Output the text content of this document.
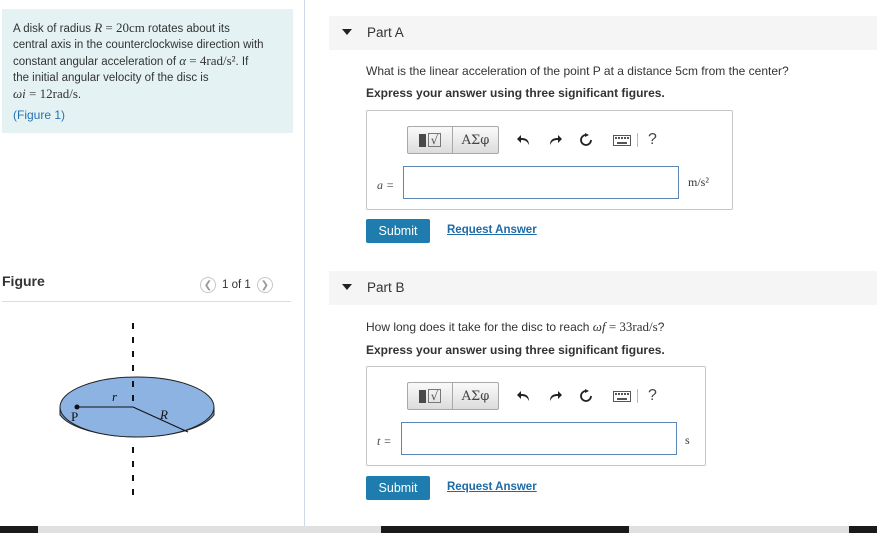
A disk of radius R = 20cm rotates about its
central axis in the counterclockwise direction with
constant angular acceleration of α = 4rad/s². If
the initial angular velocity of the disc is
ωi = 12rad/s.
(Figure 1)
Figure	❮ 1 of 1 ❯
P
r
R
Part A
What is the linear acceleration of the point P at a distance 5cm from the center?
Express your answer using three significant figures.
√	ΑΣφ	?
a =	m/s²
Submit	Request Answer
Part B
How long does it take for the disc to reach ωf = 33rad/s?
Express your answer using three significant figures.
√	ΑΣφ	?
t =	s
Submit	Request Answer
